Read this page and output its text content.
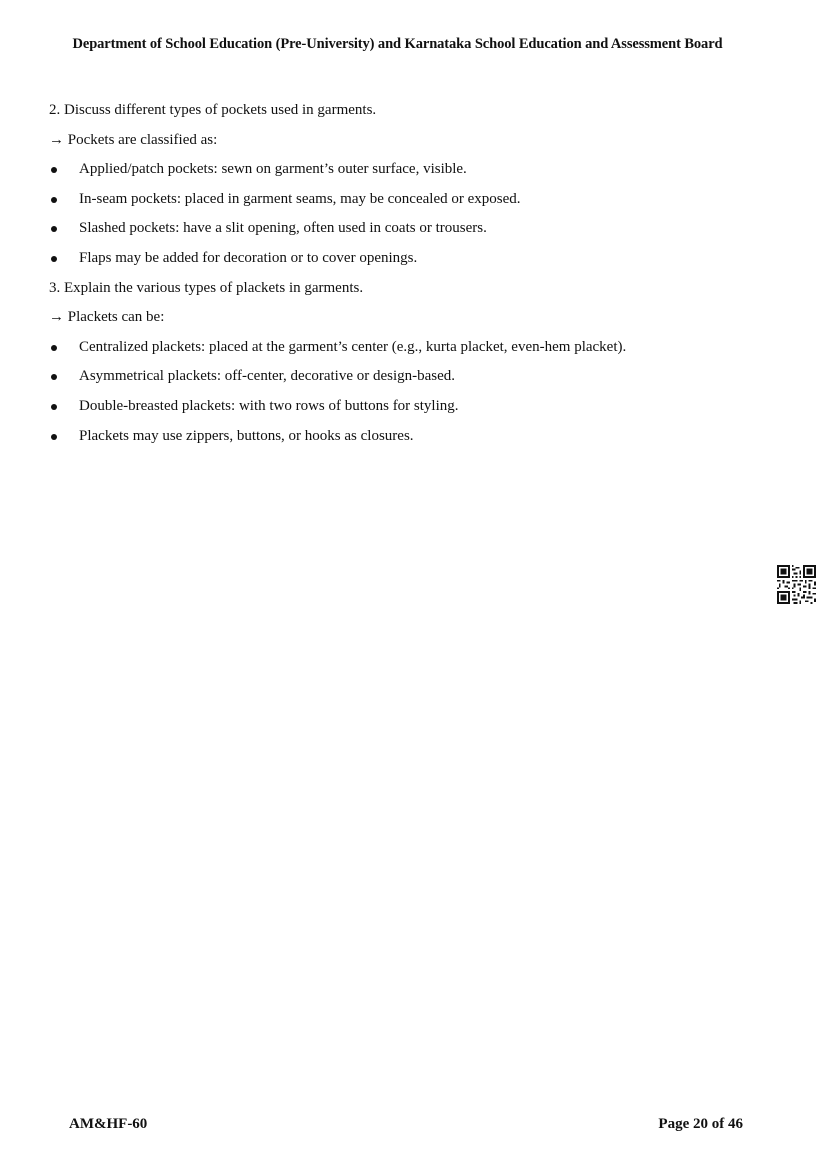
Department of School Education (Pre-University) and Karnataka School Education and Assessment Board
2. Discuss different types of pockets used in garments.
→ Pockets are classified as:
Applied/patch pockets: sewn on garment’s outer surface, visible.
In-seam pockets: placed in garment seams, may be concealed or exposed.
Slashed pockets: have a slit opening, often used in coats or trousers.
Flaps may be added for decoration or to cover openings.
3. Explain the various types of plackets in garments.
→ Plackets can be:
Centralized plackets: placed at the garment’s center (e.g., kurta placket, even-hem placket).
Asymmetrical plackets: off-center, decorative or design-based.
Double-breasted plackets: with two rows of buttons for styling.
Plackets may use zippers, buttons, or hooks as closures.
AM&HF-60	Page 20 of 46
